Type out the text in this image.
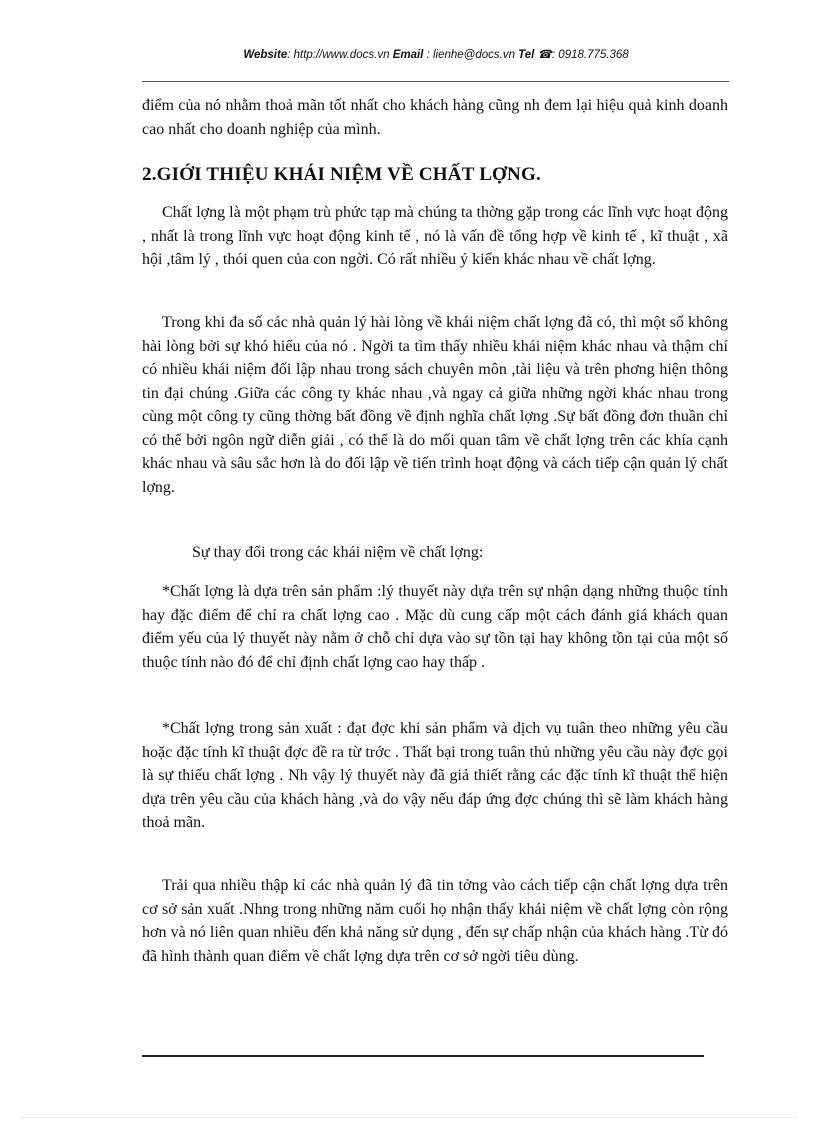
Website: http://www.docs.vn Email : lienhe@docs.vn Tel ☎: 0918.775.368
điểm của nó nhằm thoả mãn tốt nhất cho khách hàng cũng nh đem lại hiệu quả kinh doanh cao nhất cho doanh nghiệp của mình.
2.GIỚI THIỆU KHÁI NIỆM VỀ CHẤT LỢNG.
Chất lợng là một phạm trù phức tạp mà chúng ta thờng gặp trong các lĩnh vực hoạt động , nhất là trong lĩnh vực hoạt động kinh tế , nó là vấn đề tổng hợp về kinh tế , kĩ thuật , xã hội ,tâm lý , thói quen của con ngời. Có rất nhiều ý kiến khác nhau về chất lợng.
Trong khi đa số các nhà quản lý hài lòng về khái niệm chất lợng đã có, thì một số không hài lòng bởi sự khó hiểu của nó . Ngời ta tìm thấy nhiều khái niệm khác nhau và thậm chí có nhiều khái niệm đối lập nhau trong sách chuyên môn ,tài liệu và trên phơng hiện thông tin đại chúng .Giữa các công ty khác nhau ,và ngay cả giữa những ngời khác nhau trong cùng một công ty cũng thờng bất đồng về định nghĩa chất lợng .Sự bất đồng đơn thuần chỉ có thể bởi ngôn ngữ diễn giải , có thể là do mối quan tâm về chất lợng trên các khía cạnh khác nhau và sâu sắc hơn là do đối lập về tiến trình hoạt động và cách tiếp cận quản lý chất lợng.
Sự thay đổi trong các khái niệm về chất lợng:
*Chất lợng là dựa trên sản phẩm :lý thuyết này dựa trên sự nhận dạng những thuộc tính hay đặc điểm để chỉ ra chất lợng cao . Mặc dù cung cấp một cách đánh giá khách quan điểm yếu của lý thuyết này nằm ở chỗ chỉ dựa vào sự tồn tại hay không tồn tại của một số thuộc tính nào đó để chỉ định chất lợng cao hay thấp .
*Chất lợng trong sản xuất : đạt đợc khi sản phẩm và dịch vụ tuân theo những yêu cầu hoặc đặc tính kĩ thuật đợc đề ra từ trớc . Thất bại trong tuân thủ những yêu cầu này đợc gọi là sự thiếu chất lợng . Nh vậy lý thuyết này đã giả thiết rằng các đặc tính kĩ thuật thể hiện dựa trên yêu cầu của khách hàng ,và do vậy nếu đáp ứng đợc chúng thì sẽ làm khách hàng thoả mãn.
Trải qua nhiều thập kỉ các nhà quản lý đã tin tởng vào cách tiếp cận chất lợng dựa trên cơ sở sản xuất .Nhng trong những năm cuối họ nhận thấy khái niệm về chất lợng còn rộng hơn và nó liên quan nhiều đến khả năng sử dụng , đến sự chấp nhận của khách hàng .Từ đó đã hình thành quan điểm về chất lợng dựa trên cơ sở ngời tiêu dùng.
